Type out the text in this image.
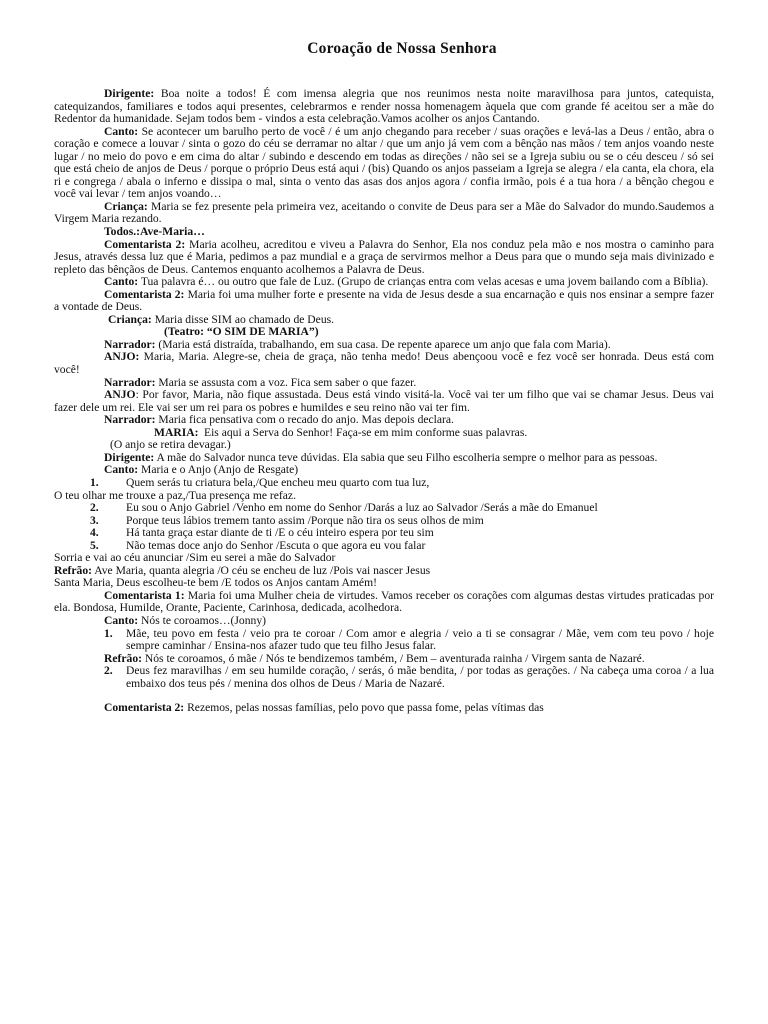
Coroação de Nossa Senhora

Dirigente: Boa noite a todos! É com imensa alegria que nos reunimos nesta noite maravilhosa para juntos, catequista, catequizandos, familiares e todos aqui presentes, celebrarmos e render nossa homenagem àquela que com grande fé aceitou ser a mãe do Redentor da humanidade. Sejam todos bem - vindos a esta celebração.Vamos acolher os anjos Cantando.

Canto: Se acontecer um barulho perto de você / é um anjo chegando para receber / suas orações e levá-las a Deus / então, abra o coração e comece a louvar / sinta o gozo do céu se derramar no altar / que um anjo já vem com a bênção nas mãos / tem anjos voando neste lugar / no meio do povo e em cima do altar / subindo e descendo em todas as direções / não sei se a Igreja subiu ou se o céu desceu / só sei que está cheio de anjos de Deus / porque o próprio Deus está aqui / (bis) Quando os anjos passeiam a Igreja se alegra / ela canta, ela chora, ela ri e congrega / abala o inferno e dissipa o mal, sinta o vento das asas dos anjos agora / confia irmão, pois é a tua hora / a bênção chegou e você vai levar / tem anjos voando…

Criança: Maria se fez presente pela primeira vez, aceitando o convite de Deus para ser a Mãe do Salvador do mundo.Saudemos a Virgem Maria rezando.

Todos.:Ave-Maria…

Comentarista 2: Maria acolheu, acreditou e viveu a Palavra do Senhor, Ela nos conduz pela mão e nos mostra o caminho para Jesus, através dessa luz que é Maria, pedimos a paz mundial e a graça de servirmos melhor a Deus para que o mundo seja mais divinizado e repleto das bênçãos de Deus. Cantemos enquanto acolhemos a Palavra de Deus.

Canto: Tua palavra é… ou outro que fale de Luz. (Grupo de crianças entra com velas acesas e uma jovem bailando com a Bíblia).

Comentarista 2: Maria foi uma mulher forte e presente na vida de Jesus desde a sua encarnação e quis nos ensinar a sempre fazer a vontade de Deus.

Criança: Maria disse SIM ao chamado de Deus.

(Teatro: “O SIM DE MARIA”)

Narrador: (Maria está distraída, trabalhando, em sua casa. De repente aparece um anjo que fala com Maria).

ANJO: Maria, Maria. Alegre-se, cheia de graça, não tenha medo! Deus abençoou você e fez você ser honrada. Deus está com você!

Narrador: Maria se assusta com a voz. Fica sem saber o que fazer.

ANJO: Por favor, Maria, não fique assustada. Deus está vindo visitá-la. Você vai ter um filho que vai se chamar Jesus. Deus vai fazer dele um rei. Ele vai ser um rei para os pobres e humildes e seu reino não vai ter fim.

Narrador: Maria fica pensativa com o recado do anjo. Mas depois declara.

MARIA: Eis aqui a Serva do Senhor! Faça-se em mim conforme suas palavras.

(O anjo se retira devagar.)

Dirigente: A mãe do Salvador nunca teve dúvidas. Ela sabia que seu Filho escolheria sempre o melhor para as pessoas.

Canto: Maria e o Anjo (Anjo de Resgate)

1. Quem serás tu criatura bela,/Que encheu meu quarto com tua luz,

O teu olhar me trouxe a paz,/Tua presença me refaz.

2. Eu sou o Anjo Gabriel /Venho em nome do Senhor /Darás a luz ao Salvador /Serás a mãe do Emanuel

3. Porque teus lábios tremem tanto assim /Porque não tira os seus olhos de mim

4. Há tanta graça estar diante de ti /E o céu inteiro espera por teu sim

5. Não temas doce anjo do Senhor /Escuta o que agora eu vou falar

Sorria e vai ao céu anunciar /Sim eu serei a mãe do Salvador

Refrão: Ave Maria, quanta alegria /O céu se encheu de luz /Pois vai nascer Jesus

Santa Maria, Deus escolheu-te bem /E todos os Anjos cantam Amém!

Comentarista 1: Maria foi uma Mulher cheia de virtudes. Vamos receber os corações com algumas destas virtudes praticadas por ela. Bondosa, Humilde, Orante, Paciente, Carinhosa, dedicada, acolhedora.

Canto: Nós te coroamos…(Jonny)

1. Mãe, teu povo em festa / veio pra te coroar / Com amor e alegria / veio a ti se consagrar / Mãe, vem com teu povo / hoje sempre caminhar / Ensina-nos afazer tudo que teu filho Jesus falar.

Refrão: Nós te coroamos, ó mãe / Nós te bendizemos também, / Bem – aventurada rainha / Virgem santa de Nazaré.

2. Deus fez maravilhas / em seu humilde coração, / serás, ó mãe bendita, / por todas as gerações. / Na cabeça uma coroa / a lua embaixo dos teus pés / menina dos olhos de Deus / Maria de Nazaré.

Comentarista 2: Rezemos, pelas nossas famílias, pelo povo que passa fome, pelas vítimas das
